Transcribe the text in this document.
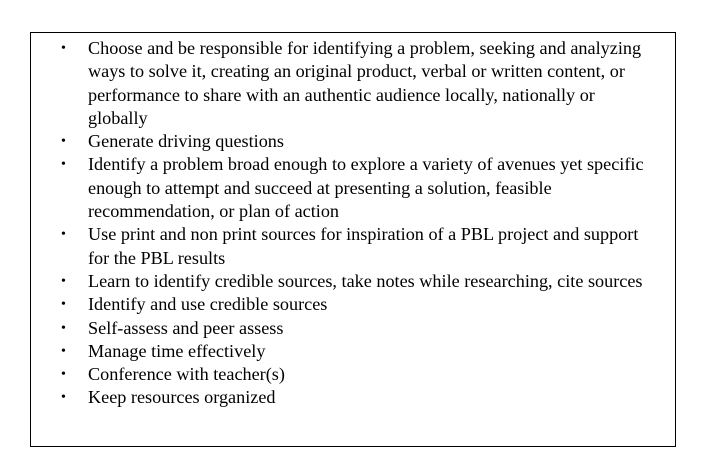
• Choose and be responsible for identifying a problem, seeking and analyzing ways to solve it, creating an original product, verbal or written content, or performance to share with an authentic audience locally, nationally or globally
• Generate driving questions
• Identify a problem broad enough to explore a variety of avenues yet specific enough to attempt and succeed at presenting a solution, feasible recommendation, or plan of action
• Use print and non print sources for inspiration of a PBL project and support for the PBL results
• Learn to identify credible sources, take notes while researching, cite sources
• Identify and use credible sources
• Self-assess and peer assess
• Manage time effectively
• Conference with teacher(s)
• Keep resources organized
